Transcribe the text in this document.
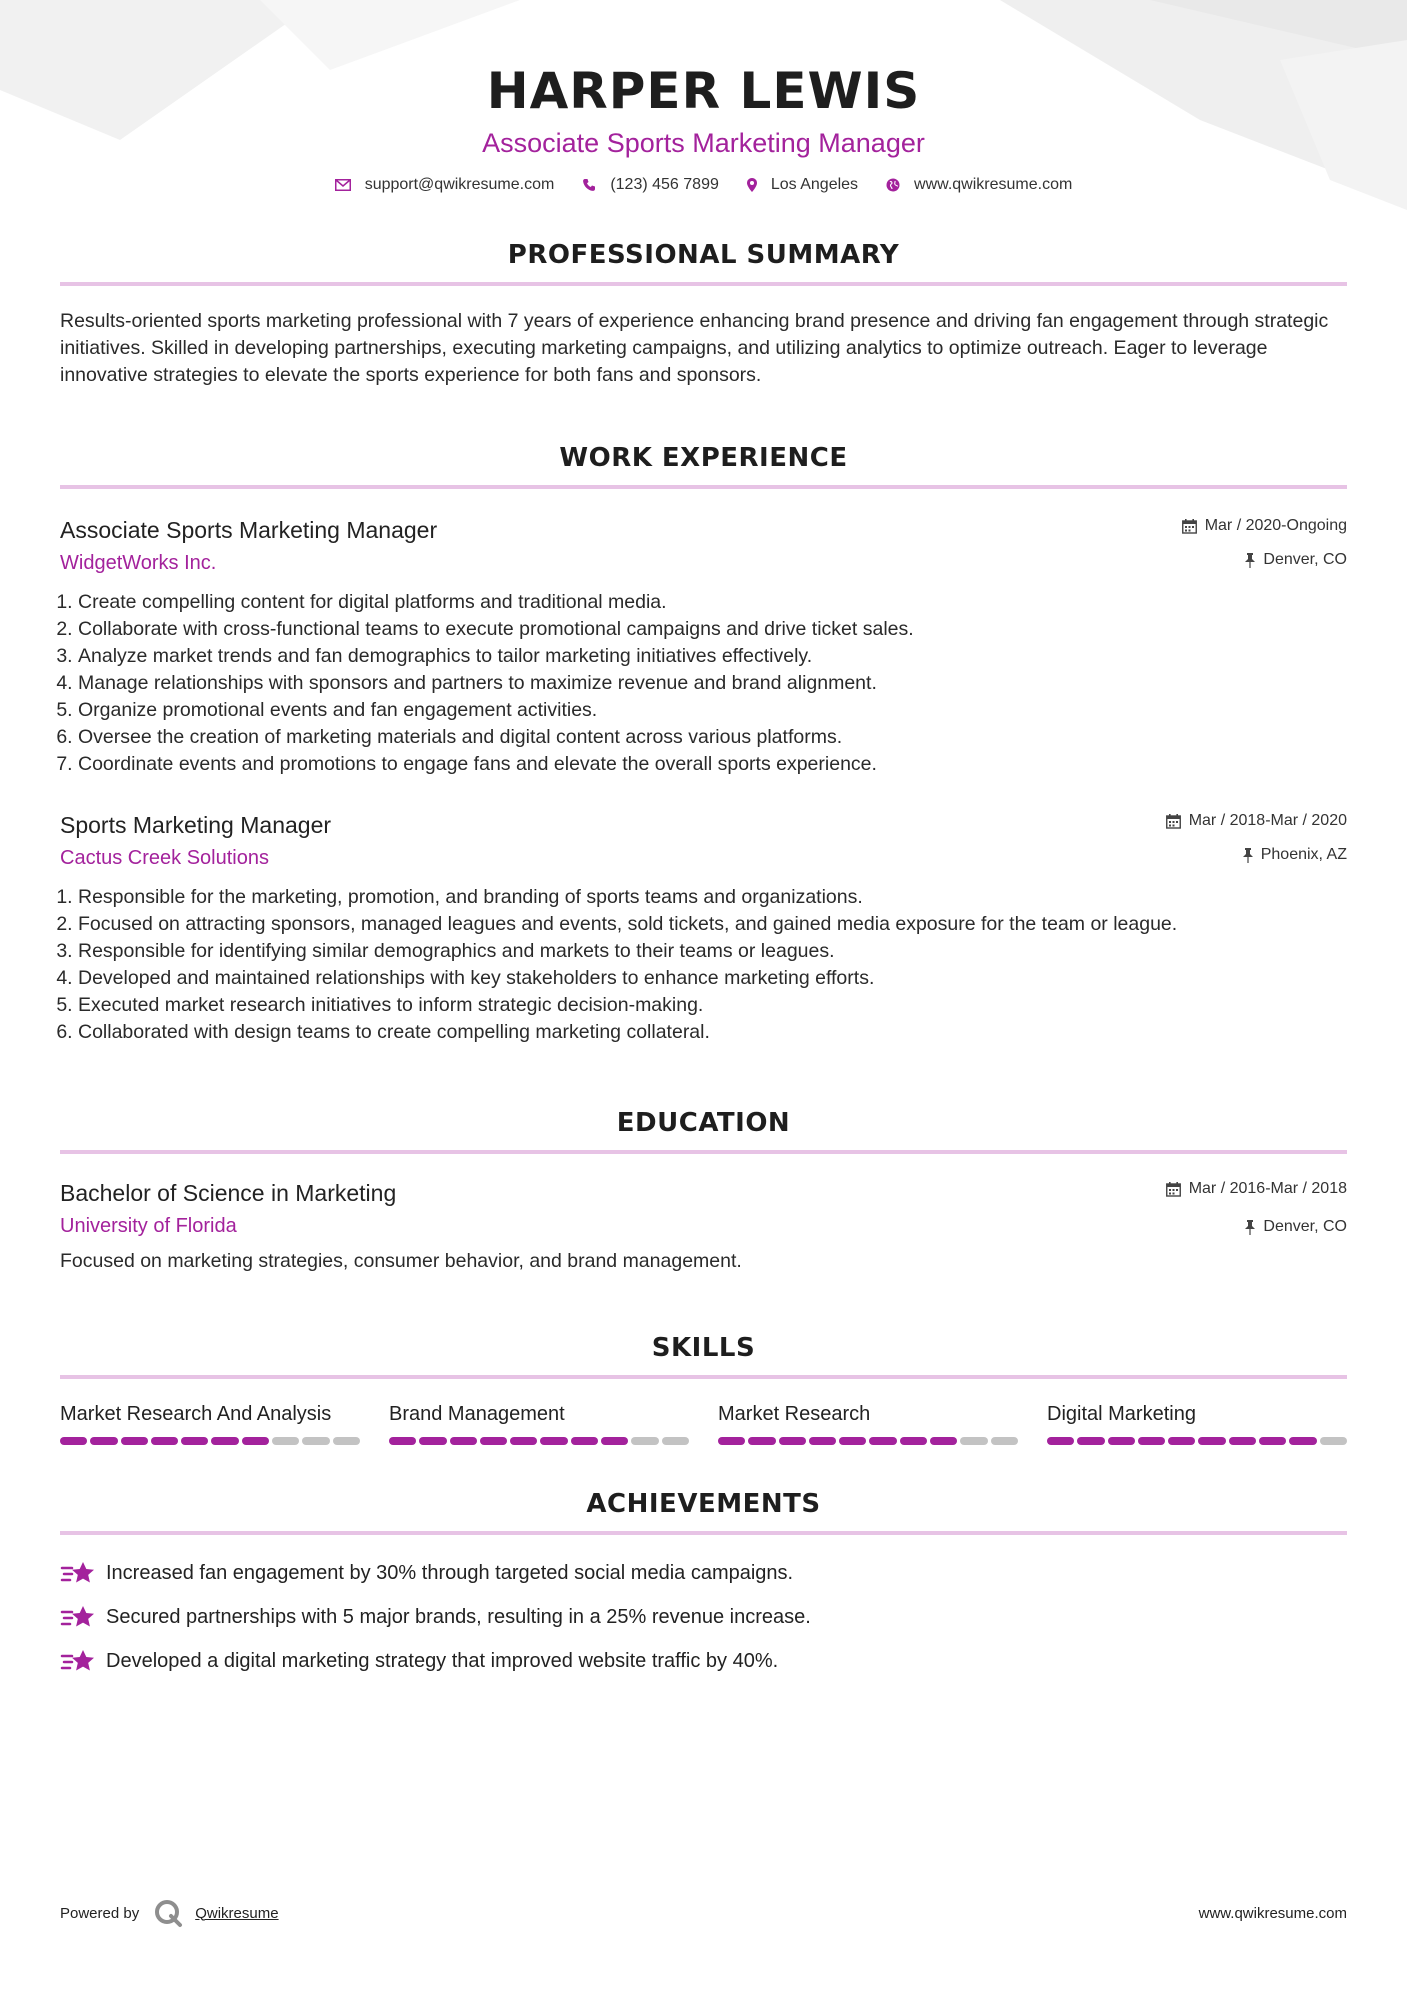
HARPER LEWIS
Associate Sports Marketing Manager
support@qwikresume.com	(123) 456 7899	Los Angeles	www.qwikresume.com
PROFESSIONAL SUMMARY
Results-oriented sports marketing professional with 7 years of experience enhancing brand presence and driving fan engagement through strategic initiatives. Skilled in developing partnerships, executing marketing campaigns, and utilizing analytics to optimize outreach. Eager to leverage innovative strategies to elevate the sports experience for both fans and sponsors.
WORK EXPERIENCE
Associate Sports Marketing Manager
WidgetWorks Inc.
Mar / 2020-Ongoing
Denver, CO
1. Create compelling content for digital platforms and traditional media.
2. Collaborate with cross-functional teams to execute promotional campaigns and drive ticket sales.
3. Analyze market trends and fan demographics to tailor marketing initiatives effectively.
4. Manage relationships with sponsors and partners to maximize revenue and brand alignment.
5. Organize promotional events and fan engagement activities.
6. Oversee the creation of marketing materials and digital content across various platforms.
7. Coordinate events and promotions to engage fans and elevate the overall sports experience.
Sports Marketing Manager
Cactus Creek Solutions
Mar / 2018-Mar / 2020
Phoenix, AZ
1. Responsible for the marketing, promotion, and branding of sports teams and organizations.
2. Focused on attracting sponsors, managed leagues and events, sold tickets, and gained media exposure for the team or league.
3. Responsible for identifying similar demographics and markets to their teams or leagues.
4. Developed and maintained relationships with key stakeholders to enhance marketing efforts.
5. Executed market research initiatives to inform strategic decision-making.
6. Collaborated with design teams to create compelling marketing collateral.
EDUCATION
Bachelor of Science in Marketing
University of Florida
Mar / 2016-Mar / 2018
Denver, CO
Focused on marketing strategies, consumer behavior, and brand management.
SKILLS
Market Research And Analysis	Brand Management	Market Research	Digital Marketing
ACHIEVEMENTS
Increased fan engagement by 30% through targeted social media campaigns.
Secured partnerships with 5 major brands, resulting in a 25% revenue increase.
Developed a digital marketing strategy that improved website traffic by 40%.
Powered by	Qwikresume	www.qwikresume.com
